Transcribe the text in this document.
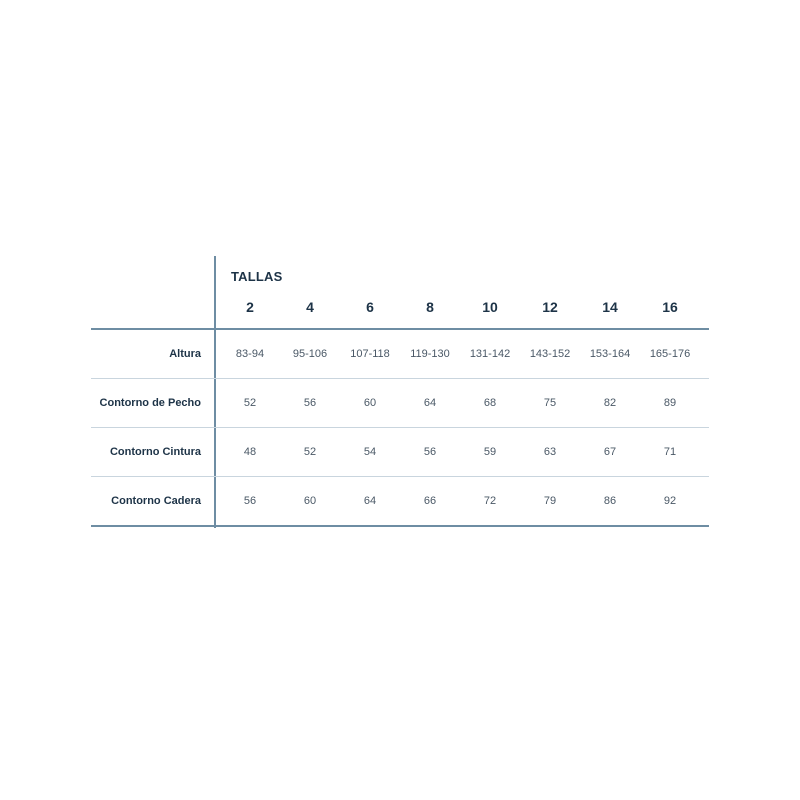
TALLAS
2	4	6	8	10	12	14	16
Altura	83-94	95-106	107-118	119-130	131-142	143-152	153-164	165-176
Contorno de Pecho	52	56	60	64	68	75	82	89
Contorno Cintura	48	52	54	56	59	63	67	71
Contorno Cadera	56	60	64	66	72	79	86	92
